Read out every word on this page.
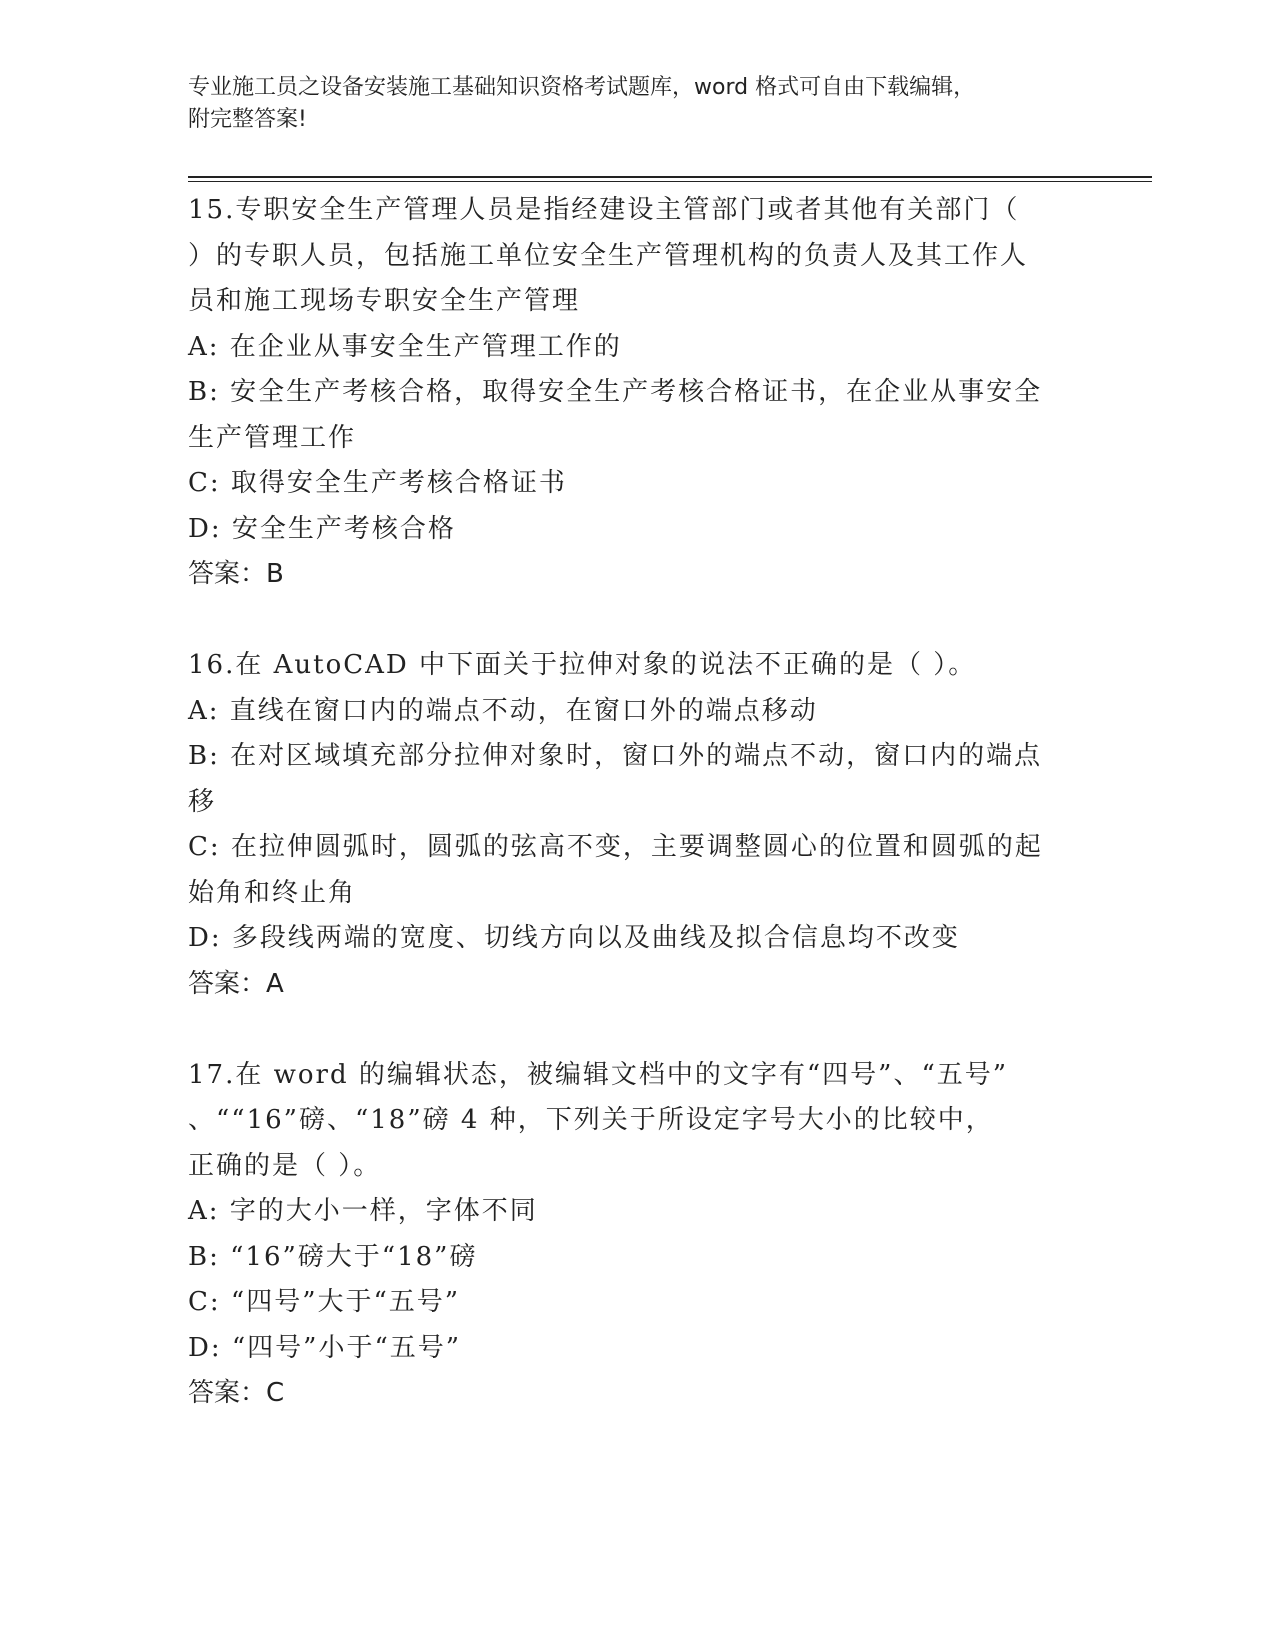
专业施工员之设备安装施工基础知识资格考试题库，word 格式可自由下载编辑，
附完整答案!
15.专职安全生产管理人员是指经建设主管部门或者其他有关部门（
）的专职人员，包括施工单位安全生产管理机构的负责人及其工作人
员和施工现场专职安全生产管理
A: 在企业从事安全生产管理工作的
B: 安全生产考核合格，取得安全生产考核合格证书，在企业从事安全
生产管理工作
C: 取得安全生产考核合格证书
D: 安全生产考核合格
答案：B
16.在 AutoCAD 中下面关于拉伸对象的说法不正确的是（ ）。
A: 直线在窗口内的端点不动，在窗口外的端点移动
B: 在对区域填充部分拉伸对象时，窗口外的端点不动，窗口内的端点
移
C: 在拉伸圆弧时，圆弧的弦高不变，主要调整圆心的位置和圆弧的起
始角和终止角
D: 多段线两端的宽度、切线方向以及曲线及拟合信息均不改变
答案：A
17.在 word 的编辑状态，被编辑文档中的文字有“四号”、“五号”
、““16”磅、“18”磅 4 种，下列关于所设定字号大小的比较中，
正确的是（ ）。
A: 字的大小一样，字体不同
B: “16”磅大于“18”磅
C: “四号”大于“五号”
D: “四号”小于“五号”
答案：C
